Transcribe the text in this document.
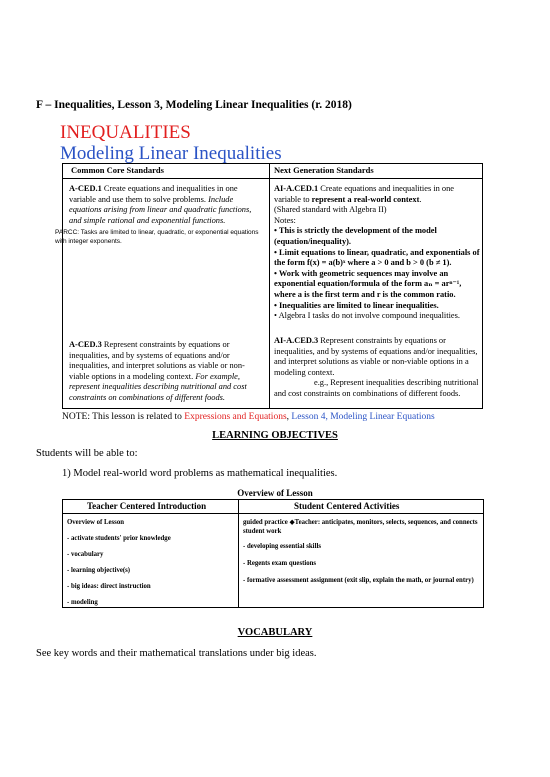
F – Inequalities, Lesson 3, Modeling Linear Inequalities (r. 2018)
INEQUALITIES
Modeling Linear Inequalities
Common Core Standards	Next Generation Standards
A-CED.1 Create equations and inequalities in one variable and use them to solve problems. Include equations arising from linear and quadratic functions, and simple rational and exponential functions.
PARCC: Tasks are limited to linear, quadratic, or exponential equations with integer exponents.
AI-A.CED.1 Create equations and inequalities in one variable to represent a real-world context.
(Shared standard with Algebra II)
Notes:
• This is strictly the development of the model (equation/inequality).
• Limit equations to linear, quadratic, and exponentials of the form f(x) = a(b)ˣ where a > 0 and b > 0 (b ≠ 1).
• Work with geometric sequences may involve an exponential equation/formula of the form aₙ = arⁿ⁻¹, where a is the first term and r is the common ratio.
• Inequalities are limited to linear inequalities.
• Algebra I tasks do not involve compound inequalities.
A-CED.3 Represent constraints by equations or inequalities, and by systems of equations and/or inequalities, and interpret solutions as viable or non-viable options in a modeling context. For example, represent inequalities describing nutritional and cost constraints on combinations of different foods.
AI-A.CED.3 Represent constraints by equations or inequalities, and by systems of equations and/or inequalities, and interpret solutions as viable or non-viable options in a modeling context.
e.g., Represent inequalities describing nutritional and cost constraints on combinations of different foods.
NOTE: This lesson is related to Expressions and Equations, Lesson 4, Modeling Linear Equations
LEARNING OBJECTIVES
Students will be able to:
1) Model real-world word problems as mathematical inequalities.
Overview of Lesson
Teacher Centered Introduction	Student Centered Activities
Overview of Lesson
- activate students' prior knowledge
- vocabulary
- learning objective(s)
- big ideas: direct instruction
- modeling
guided practice ◆Teacher: anticipates, monitors, selects, sequences, and connects student work
- developing essential skills
- Regents exam questions
- formative assessment assignment (exit slip, explain the math, or journal entry)
VOCABULARY
See key words and their mathematical translations under big ideas.
